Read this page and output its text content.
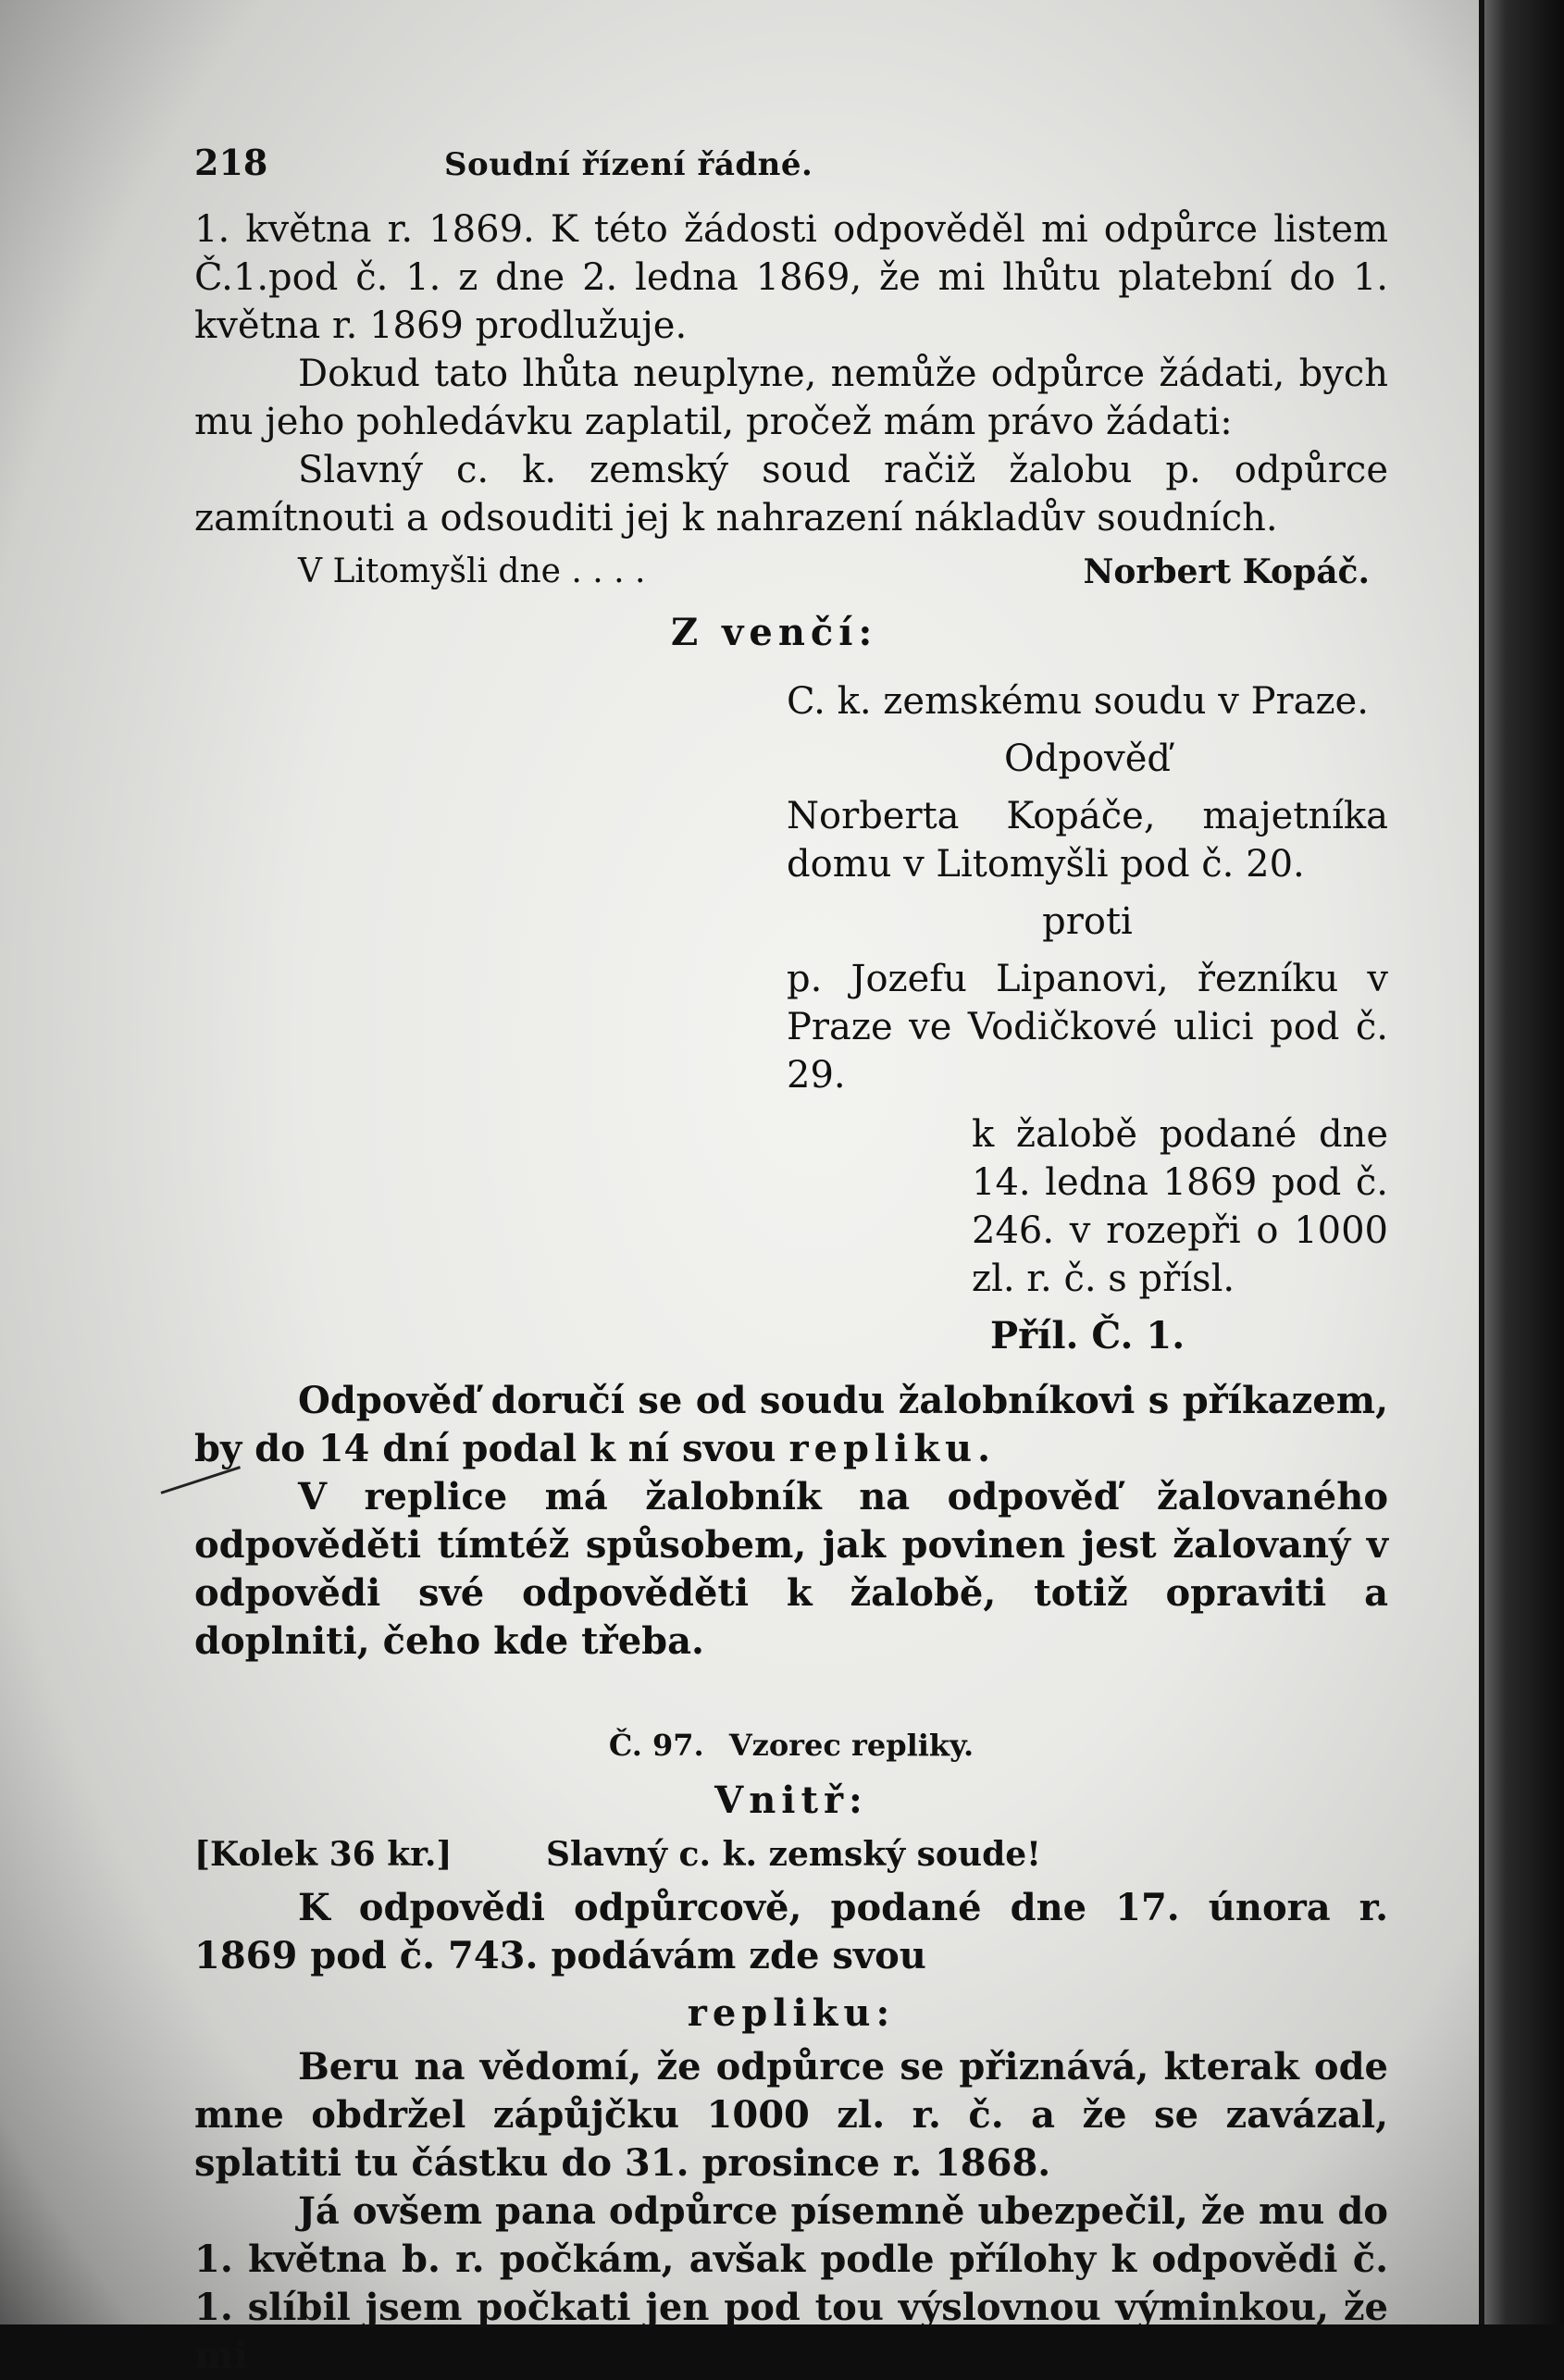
218	Soudní řízení řádné.

1. května r. 1869. K této žádosti odpověděl mi odpůrce listem Č.1.pod č. 1. z dne 2. ledna 1869, že mi lhůtu platební do 1. května r. 1869 prodlužuje.

Dokud tato lhůta neuplyne, nemůže odpůrce žádati, bych mu jeho pohledávku zaplatil, pročež mám právo žádati:

Slavný c. k. zemský soud račiž žalobu p. odpůrce zamítnouti a odsouditi jej k nahrazení nákladův soudních.

V Litomyšli dne . . . .	Norbert Kopáč.
Z venčí:

C. k. zemskému soudu v Praze.

Odpověď

Norberta Kopáče, majetníka domu v Litomyšli pod č. 20.

proti

p. Jozefu Lipanovi, řezníku v Praze ve Vodičkové ulici pod č. 29.

k žalobě podané dne 14. ledna 1869 pod č. 246. v rozepři o 1000 zl. r. č. s přísl.

Příl. Č. 1.

Odpověď doručí se od soudu žalobníkovi s příkazem, by do 14 dní podal k ní svou repliku.

V replice má žalobník na odpověď žalovaného odpověděti tímtéž spůsobem, jak povinen jest žalovaný v odpovědi své odpověděti k žalobě, totiž opraviti a doplniti, čeho kde třeba.

Č. 97. Vzorec repliky.
Vnitř:
[Kolek 36 kr.]	Slavný c. k. zemský soude!

K odpovědi odpůrcově, podané dne 17. února r. 1869 pod č. 743. podávám zde svou

repliku:

Beru na vědomí, že odpůrce se přiznává, kterak ode mne obdržel zápůjčku 1000 zl. r. č. a že se zavázal, splatiti tu částku do 31. prosince r. 1868.

Já ovšem pana odpůrce písemně ubezpečil, že mu do 1. května b. r. počkám, avšak podle přílohy k odpovědi č. 1. slíbil jsem počkati jen pod tou výslovnou výminkou, že mi
